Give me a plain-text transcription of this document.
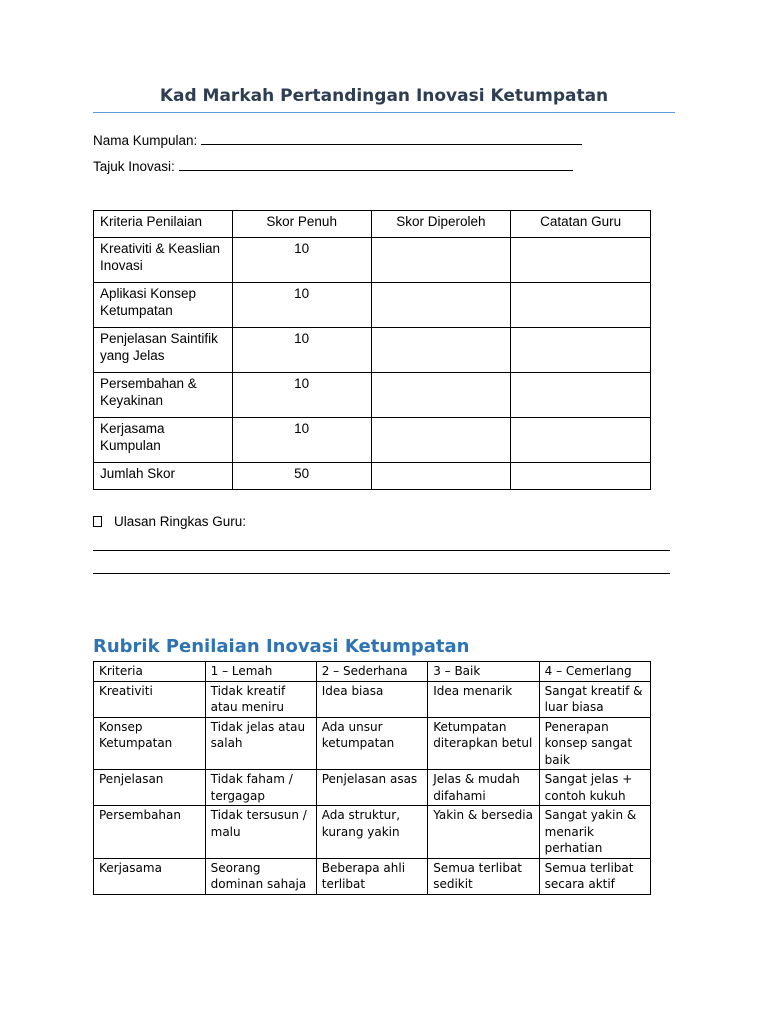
Kad Markah Pertandingan Inovasi Ketumpatan
Nama Kumpulan:
Tajuk Inovasi:
Kriteria Penilaian	Skor Penuh	Skor Diperoleh	Catatan Guru
Kreativiti & Keaslian Inovasi	10		
Aplikasi Konsep Ketumpatan	10		
Penjelasan Saintifik yang Jelas	10		
Persembahan & Keyakinan	10		
Kerjasama Kumpulan	10		
Jumlah Skor	50		
Ulasan Ringkas Guru:
Rubrik Penilaian Inovasi Ketumpatan
Kriteria	1 – Lemah	2 – Sederhana	3 – Baik	4 – Cemerlang
Kreativiti	Tidak kreatif atau meniru	Idea biasa	Idea menarik	Sangat kreatif & luar biasa
Konsep Ketumpatan	Tidak jelas atau salah	Ada unsur ketumpatan	Ketumpatan diterapkan betul	Penerapan konsep sangat baik
Penjelasan	Tidak faham / tergagap	Penjelasan asas	Jelas & mudah difahami	Sangat jelas + contoh kukuh
Persembahan	Tidak tersusun / malu	Ada struktur, kurang yakin	Yakin & bersedia	Sangat yakin & menarik perhatian
Kerjasama	Seorang dominan sahaja	Beberapa ahli terlibat	Semua terlibat sedikit	Semua terlibat secara aktif
